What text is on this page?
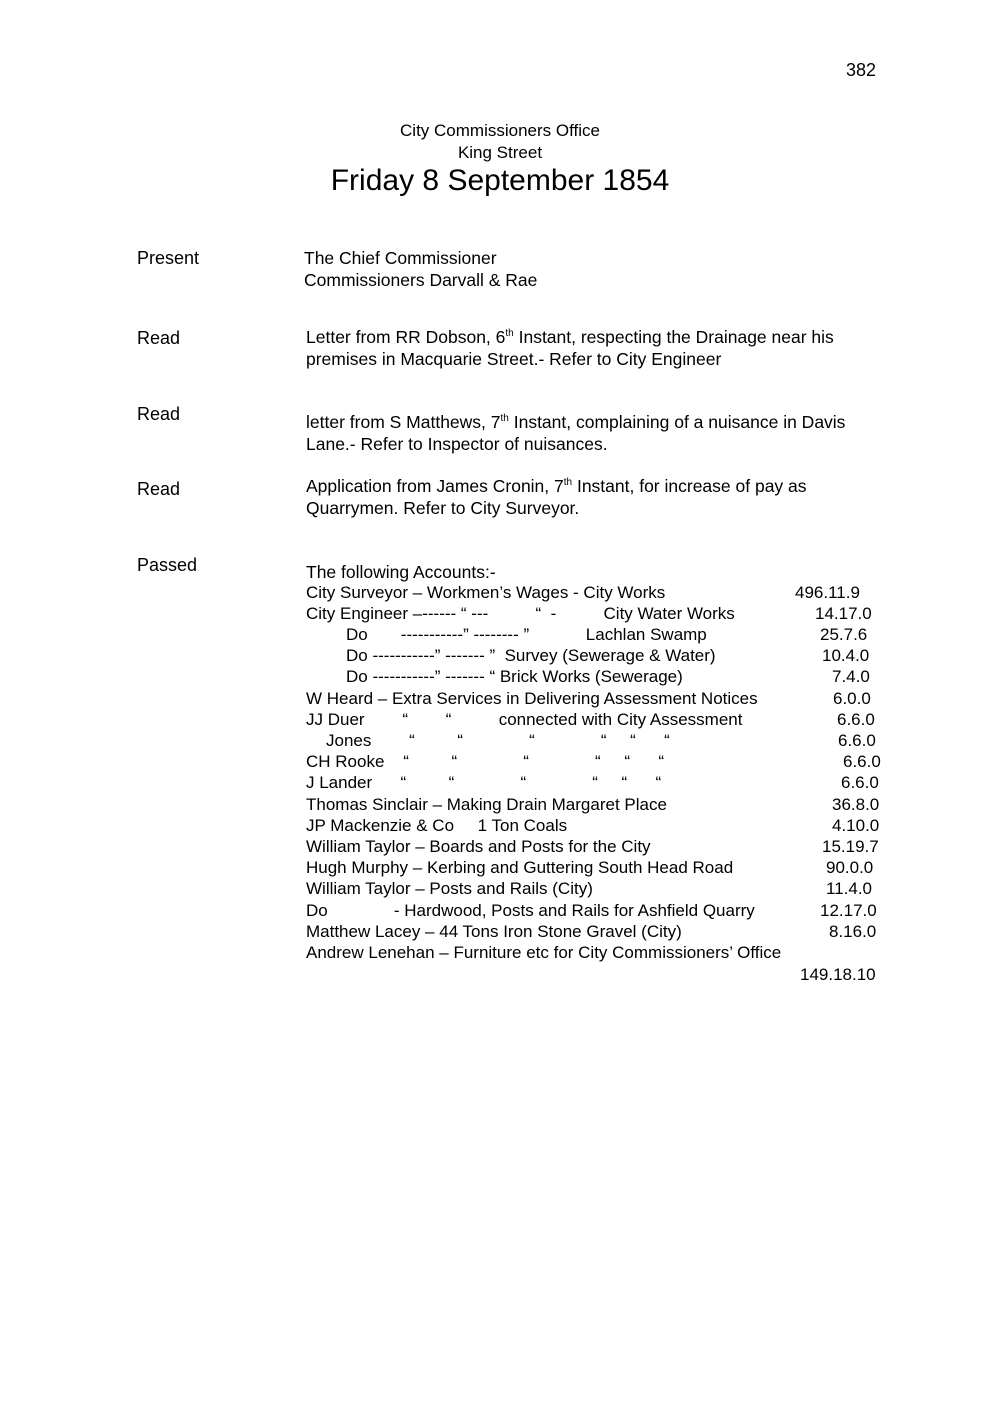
382
City Commissioners Office
King Street
Friday 8 September 1854
Present	The Chief Commissioner
Commissioners Darvall & Rae
Read	Letter from RR Dobson, 6th Instant, respecting the Drainage near his
premises in Macquarie Street.- Refer to City Engineer
Read	letter from S Matthews, 7th Instant, complaining of a nuisance in Davis
Lane.- Refer to Inspector of nuisances.
Read	Application from James Cronin, 7th Instant, for increase of pay as
Quarrymen. Refer to City Surveyor.
Passed	The following Accounts:-
City Surveyor – Workmen’s Wages - City Works	496.11.9
City Engineer –------ “ ---          “  -          City Water Works	14.17.0
Do       -----------” -------- ”            Lachlan Swamp	25.7.6
Do -----------” ------- ”  Survey (Sewerage & Water)	10.4.0
Do -----------” ------- “ Brick Works (Sewerage)	7.4.0
W Heard – Extra Services in Delivering Assessment Notices	6.0.0
JJ Duer        “        “          connected with City Assessment	6.6.0
Jones        “         “              “              “     “      “	6.6.0
CH Rooke    “         “              “              “     “      “	6.6.0
J Lander      “         “              “              “     “      “	6.6.0
Thomas Sinclair – Making Drain Margaret Place	36.8.0
JP Mackenzie & Co     1 Ton Coals	4.10.0
William Taylor – Boards and Posts for the City	15.19.7
Hugh Murphy – Kerbing and Guttering South Head Road	90.0.0
William Taylor – Posts and Rails (City)	11.4.0
Do              - Hardwood, Posts and Rails for Ashfield Quarry	12.17.0
Matthew Lacey – 44 Tons Iron Stone Gravel (City)	8.16.0
Andrew Lenehan – Furniture etc for City Commissioners’ Office
149.18.10
